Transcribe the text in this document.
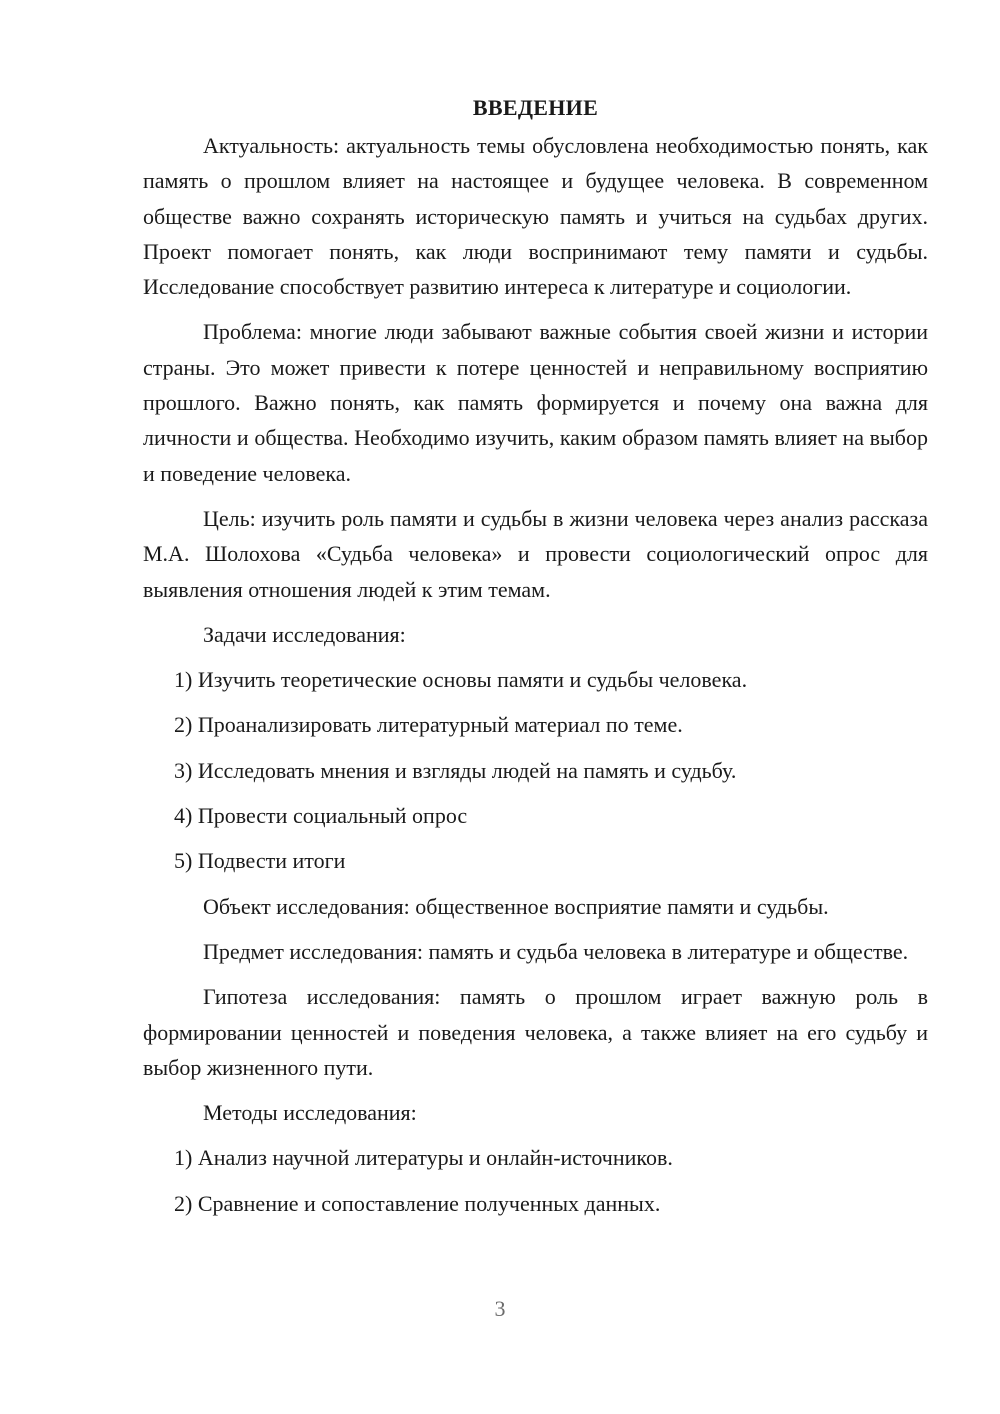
ВВЕДЕНИЕ

Актуальность: актуальность темы обусловлена необходимостью понять, как память о прошлом влияет на настоящее и будущее человека. В современном обществе важно сохранять историческую память и учиться на судьбах других. Проект помогает понять, как люди воспринимают тему памяти и судьбы. Исследование способствует развитию интереса к литературе и социологии.

Проблема: многие люди забывают важные события своей жизни и истории страны. Это может привести к потере ценностей и неправильному восприятию прошлого. Важно понять, как память формируется и почему она важна для личности и общества. Необходимо изучить, каким образом память влияет на выбор и поведение человека.

Цель: изучить роль памяти и судьбы в жизни человека через анализ рассказа М.А. Шолохова «Судьба человека» и провести социологический опрос для выявления отношения людей к этим темам.

Задачи исследования:

1) Изучить теоретические основы памяти и судьбы человека.
2) Проанализировать литературный материал по теме.
3) Исследовать мнения и взгляды людей на память и судьбу.
4) Провести социальный опрос
5) Подвести итоги

Объект исследования: общественное восприятие памяти и судьбы.

Предмет исследования: память и судьба человека в литературе и обществе.

Гипотеза исследования: память о прошлом играет важную роль в формировании ценностей и поведения человека, а также влияет на его судьбу и выбор жизненного пути.

Методы исследования:

1) Анализ научной литературы и онлайн-источников.
2) Сравнение и сопоставление полученных данных.
3
